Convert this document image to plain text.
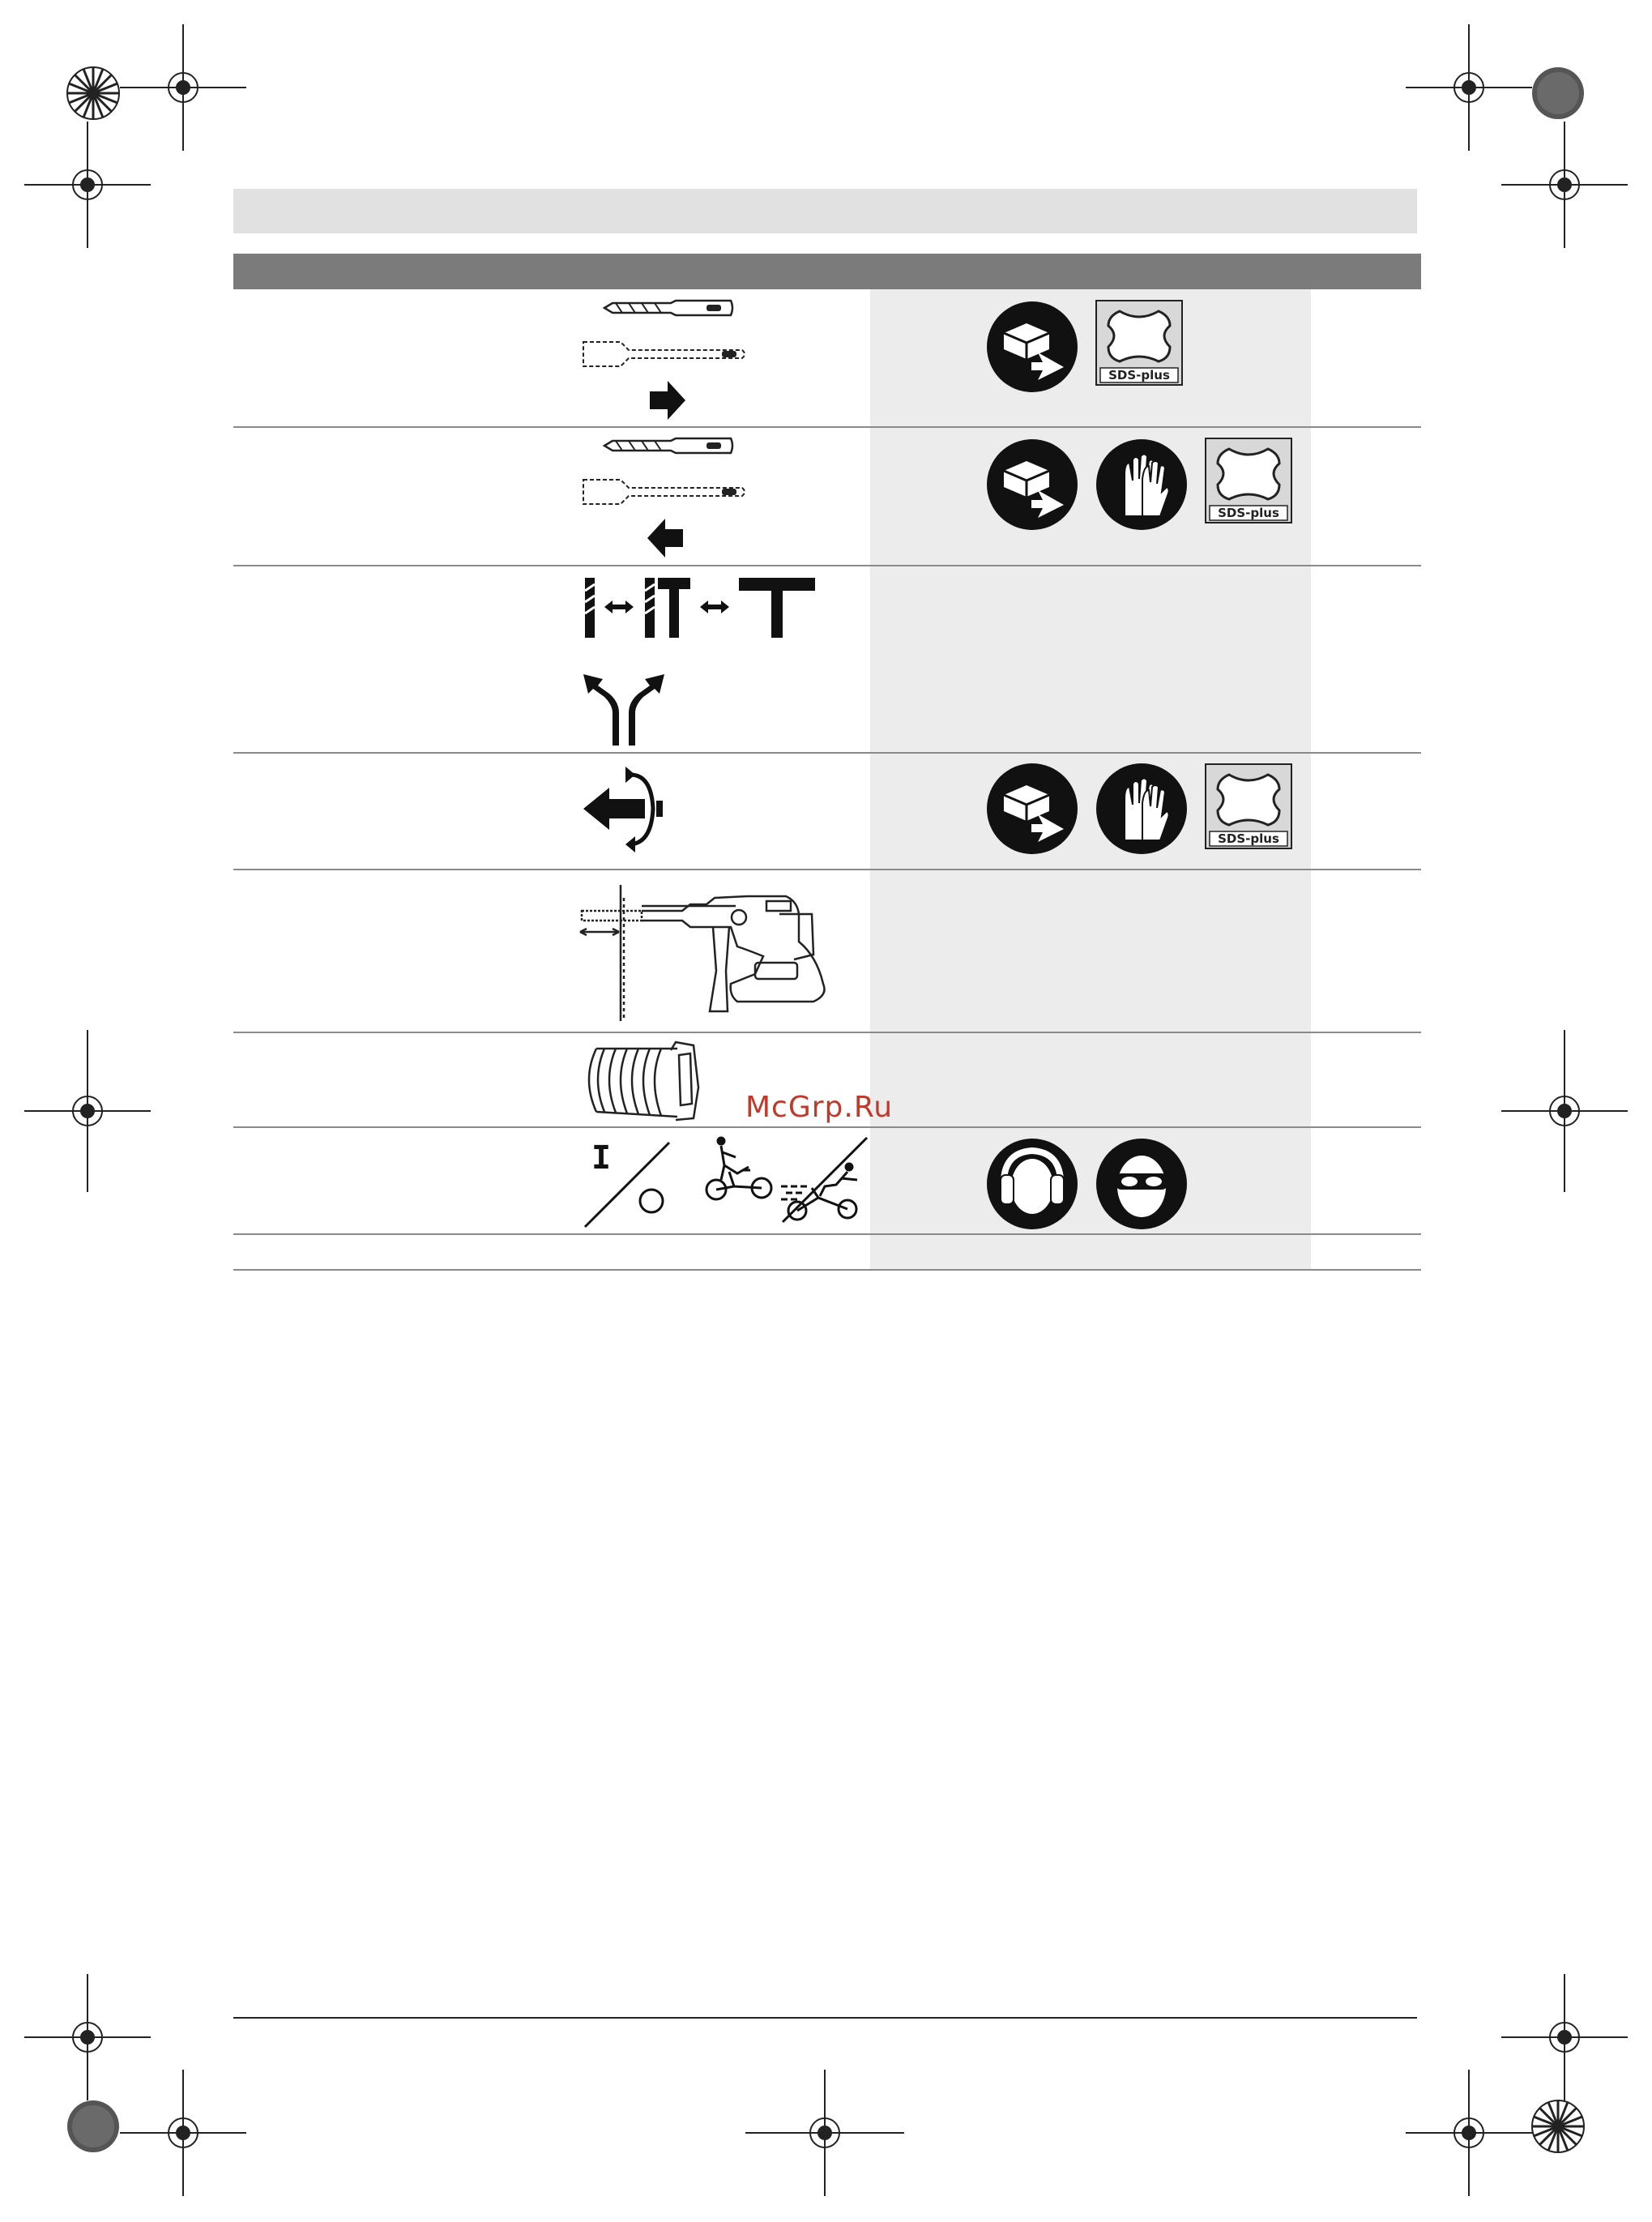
SDS-plus
SDS-plus
SDS-plus
I
McGrp.Ru
